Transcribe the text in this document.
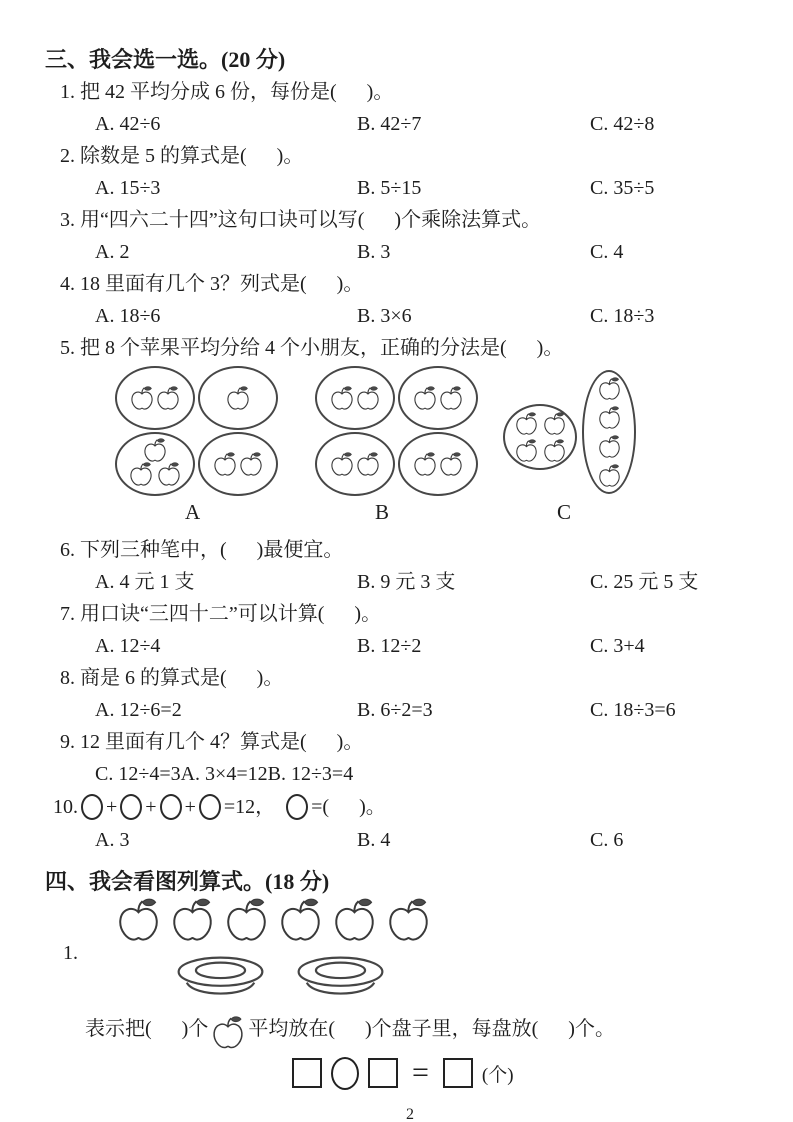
三、我会选一选。(20 分)
1. 把 42 平均分成 6 份，每份是(      )。
A. 42÷6	B. 42÷7	C. 42÷8
2. 除数是 5 的算式是(      )。
A. 15÷3	B. 5÷15	C. 35÷5
3. 用“四六二十四”这句口诀可以写(      )个乘除法算式。
A. 2	B. 3	C. 4
4. 18 里面有几个 3？列式是(      )。
A. 18÷6	B. 3×6	C. 18÷3
5. 把 8 个苹果平均分给 4 个小朋友，正确的分法是(      )。
A	B	C
6. 下列三种笔中，(      )最便宜。
A. 4 元 1 支	B. 9 元 3 支	C. 25 元 5 支
7. 用口诀“三四十二”可以计算(      )。
A. 12÷4	B. 12÷2	C. 3+4
8. 商是 6 的算式是(      )。
A. 12÷6=2	B. 6÷2=3	C. 18÷3=6
9. 12 里面有几个 4？算式是(      )。
C. 12÷4=3A. 3×4=12B. 12÷3=4
10. + + + =12， =(      )。
A. 3	B. 4	C. 6
四、我会看图列算式。(18 分)
1.
表示把(      )个 平均放在(      )个盘子里，每盘放(      )个。
=	(个)
2
